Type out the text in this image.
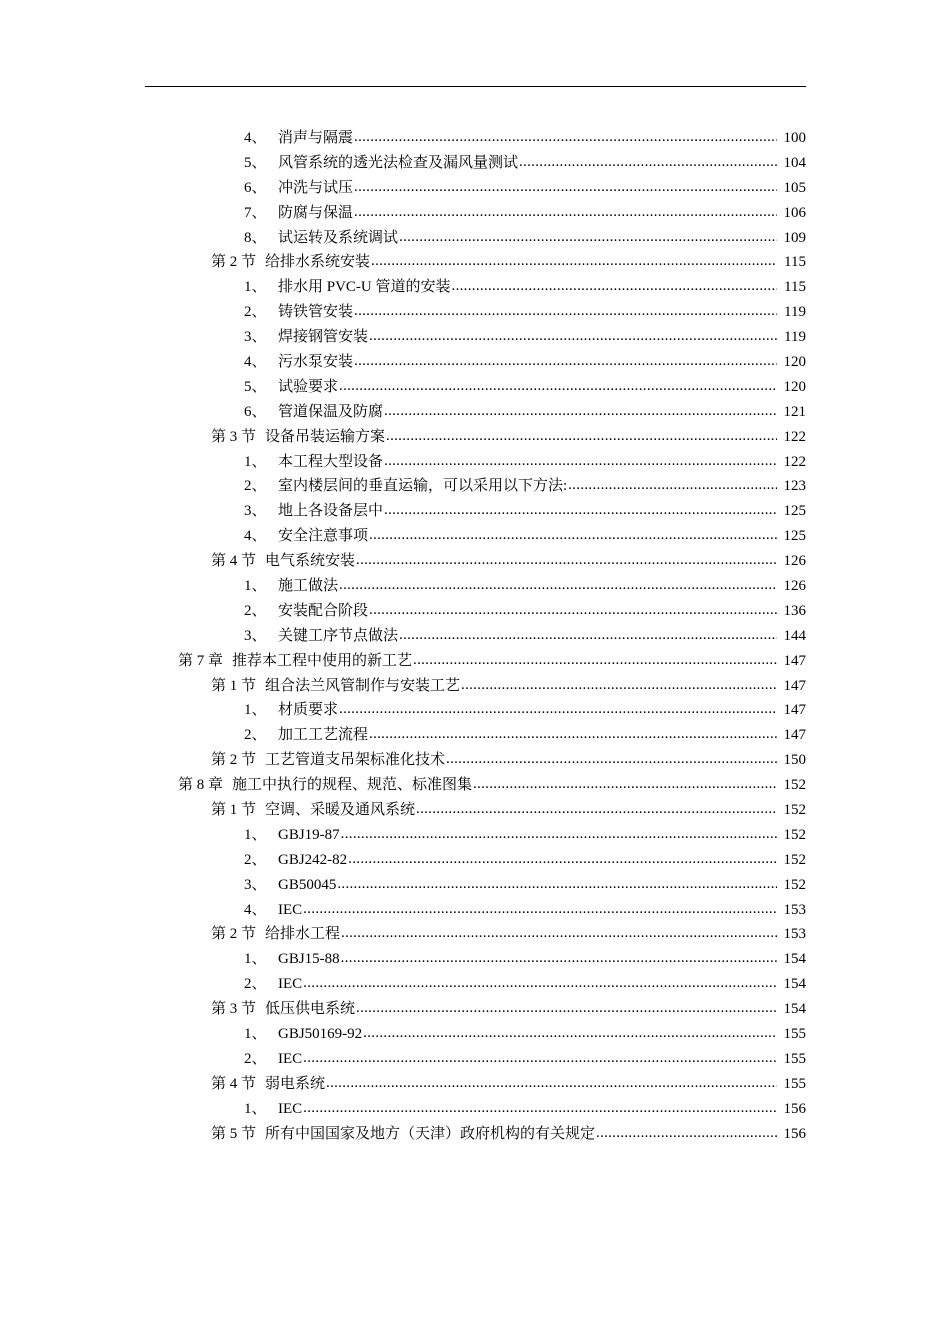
4、 消声与隔震 .....	100
5、 风管系统的透光法检查及漏风量测试 .....	104
6、 冲洗与试压 .....	105
7、 防腐与保温 .....	106
8、 试运转及系统调试 .....	109
第 2 节 给排水系统安装 .....	115
1、 排水用 PVC-U 管道的安装 .....	115
2、 铸铁管安装 .....	119
3、 焊接钢管安装 .....	119
4、 污水泵安装 .....	120
5、 试验要求 .....	120
6、 管道保温及防腐 .....	121
第 3 节 设备吊装运输方案 .....	122
1、 本工程大型设备 .....	122
2、 室内楼层间的垂直运输，可以采用以下方法: .....	123
3、 地上各设备层中 .....	125
4、 安全注意事项 .....	125
第 4 节 电气系统安装 .....	126
1、 施工做法 .....	126
2、 安装配合阶段 .....	136
3、 关键工序节点做法 .....	144
第 7 章 推荐本工程中使用的新工艺 .....	147
第 1 节 组合法兰风管制作与安装工艺 .....	147
1、 材质要求 .....	147
2、 加工工艺流程 .....	147
第 2 节 工艺管道支吊架标准化技术 .....	150
第 8 章 施工中执行的规程、规范、标准图集 .....	152
第 1 节 空调、采暖及通风系统 .....	152
1、 GBJ19-87 .....	152
2、 GBJ242-82 .....	152
3、 GB50045 .....	152
4、 IEC .....	153
第 2 节 给排水工程 .....	153
1、 GBJ15-88 .....	154
2、 IEC .....	154
第 3 节 低压供电系统 .....	154
1、 GBJ50169-92 .....	155
2、 IEC .....	155
第 4 节 弱电系统 .....	155
1、 IEC .....	156
第 5 节 所有中国国家及地方（天津）政府机构的有关规定 .....	156
